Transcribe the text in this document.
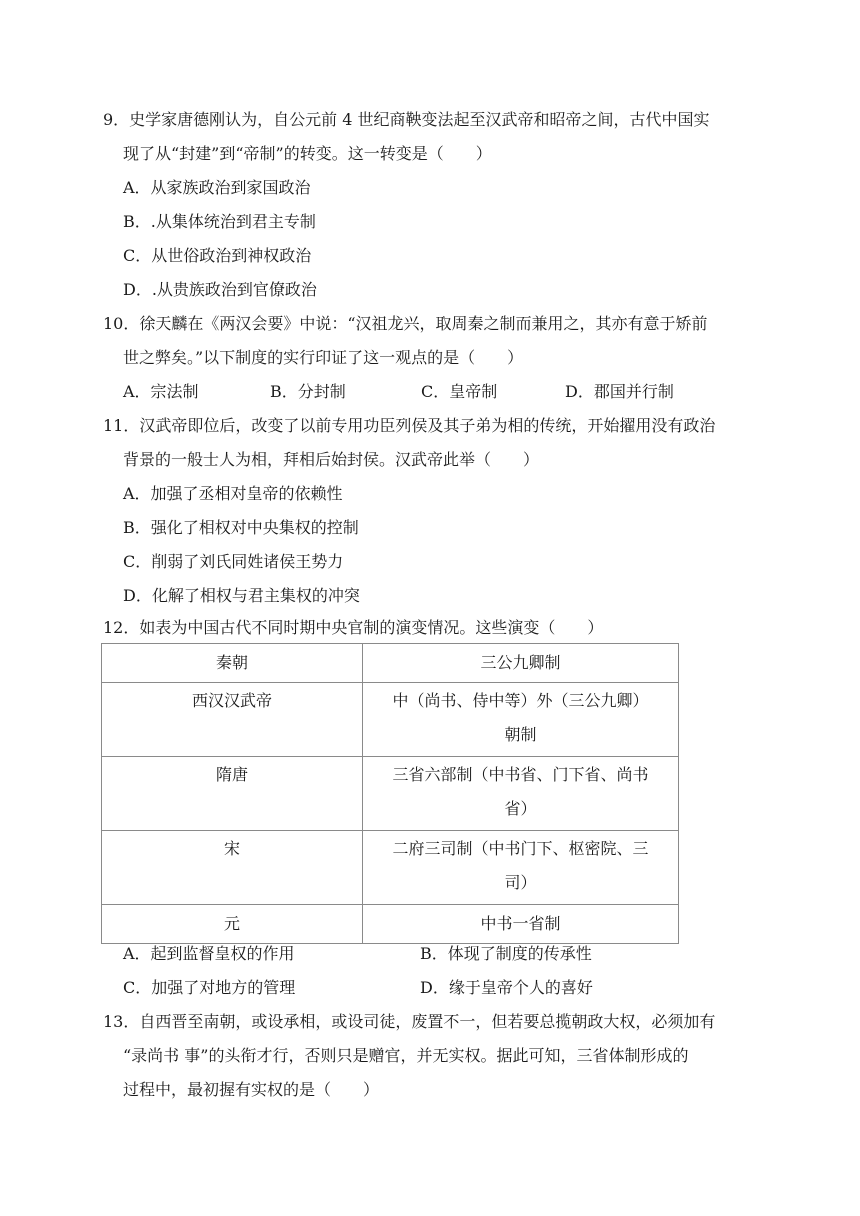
9．史学家唐德刚认为，自公元前 4 世纪商鞅变法起至汉武帝和昭帝之间，古代中国实
现了从“封建”到“帝制”的转变。这一转变是（　　）
A．从家族政治到家国政治
B．.从集体统治到君主专制
C．从世俗政治到神权政治
D．.从贵族政治到官僚政治
10．徐天麟在《两汉会要》中说：“汉祖龙兴，取周秦之制而兼用之，其亦有意于矫前
世之弊矣。”以下制度的实行印证了这一观点的是（　　）
A．宗法制	B．分封制	C．皇帝制	D．郡国并行制
11．汉武帝即位后，改变了以前专用功臣列侯及其子弟为相的传统，开始擢用没有政治
背景的一般士人为相，拜相后始封侯。汉武帝此举（　　）
A．加强了丞相对皇帝的依赖性
B．强化了相权对中央集权的控制
C．削弱了刘氏同姓诸侯王势力
D．化解了相权与君主集权的冲突
12．如表为中国古代不同时期中央官制的演变情况。这些演变（　　）
秦朝	三公九卿制
西汉汉武帝	中（尚书、侍中等）外（三公九卿）
朝制

隋唐	三省六部制（中书省、门下省、尚书
省）

宋	二府三司制（中书门下、枢密院、三
司）

元	中书一省制
A．起到监督皇权的作用	B．体现了制度的传承性
C．加强了对地方的管理	D．缘于皇帝个人的喜好
13．自西晋至南朝，或设承相，或设司徒，废置不一，但若要总揽朝政大权，必须加有
“录尚书 事”的头衔才行，否则只是赠官，并无实权。据此可知，三省体制形成的
过程中，最初握有实权的是（　　）
